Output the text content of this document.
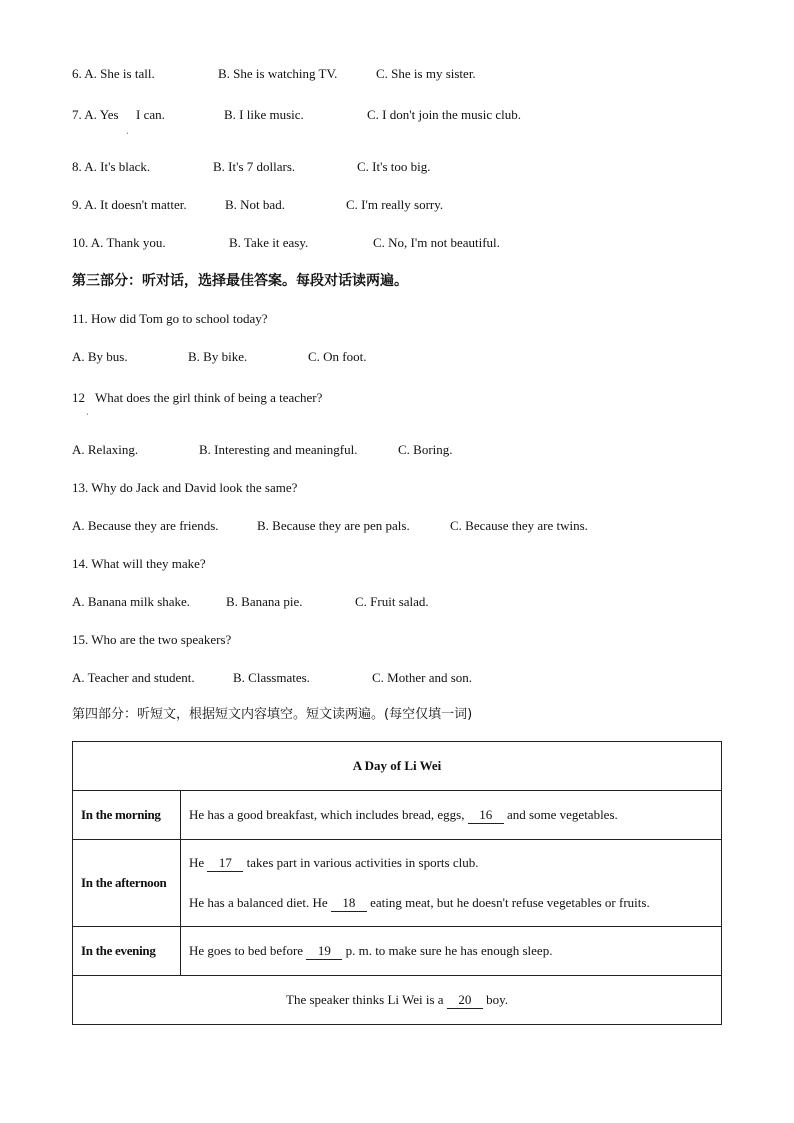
6. A. She is tall.	B. She is watching TV.	C. She is my sister.
7. A. Yes
ˌ
I can.	B. I like music.	C. I don't join the music club.
8. A. It's black.	B. It's 7 dollars.	C. It's too big.
9. A. It doesn't matter.	B. Not bad.	C. I'm really sorry.
10. A. Thank you.	B. Take it easy.	C. No, I'm not beautiful.
第三部分：听对话，选择最佳答案。每段对话读两遍。
11. How did Tom go to school today?
A. By bus.	B. By bike.	C. On foot.
12
ˌ
What does the girl think of being a teacher?
A. Relaxing.	B. Interesting and meaningful.	C. Boring.
13. Why do Jack and David look the same?
A. Because they are friends.	B. Because they are pen pals.	C. Because they are twins.
14. What will they make?
A. Banana milk shake.	B. Banana pie.	C. Fruit salad.
15. Who are the two speakers?
A. Teacher and student.	B. Classmates.	C. Mother and son.
第四部分：听短文，根据短文内容填空。短文读两遍。(每空仅填一词)
A Day of Li Wei	
In the morning	He has a good breakfast, which includes bread, eggs, 16 and some vegetables.
In the afternoon	He 17 takes part in various activities in sports club.

He has a balanced diet. He 18 eating meat, but he doesn't refuse vegetables or fruits.

In the evening	He goes to bed before 19 p. m. to make sure he has enough sleep.
The speaker thinks Li Wei is a 20 boy.	
